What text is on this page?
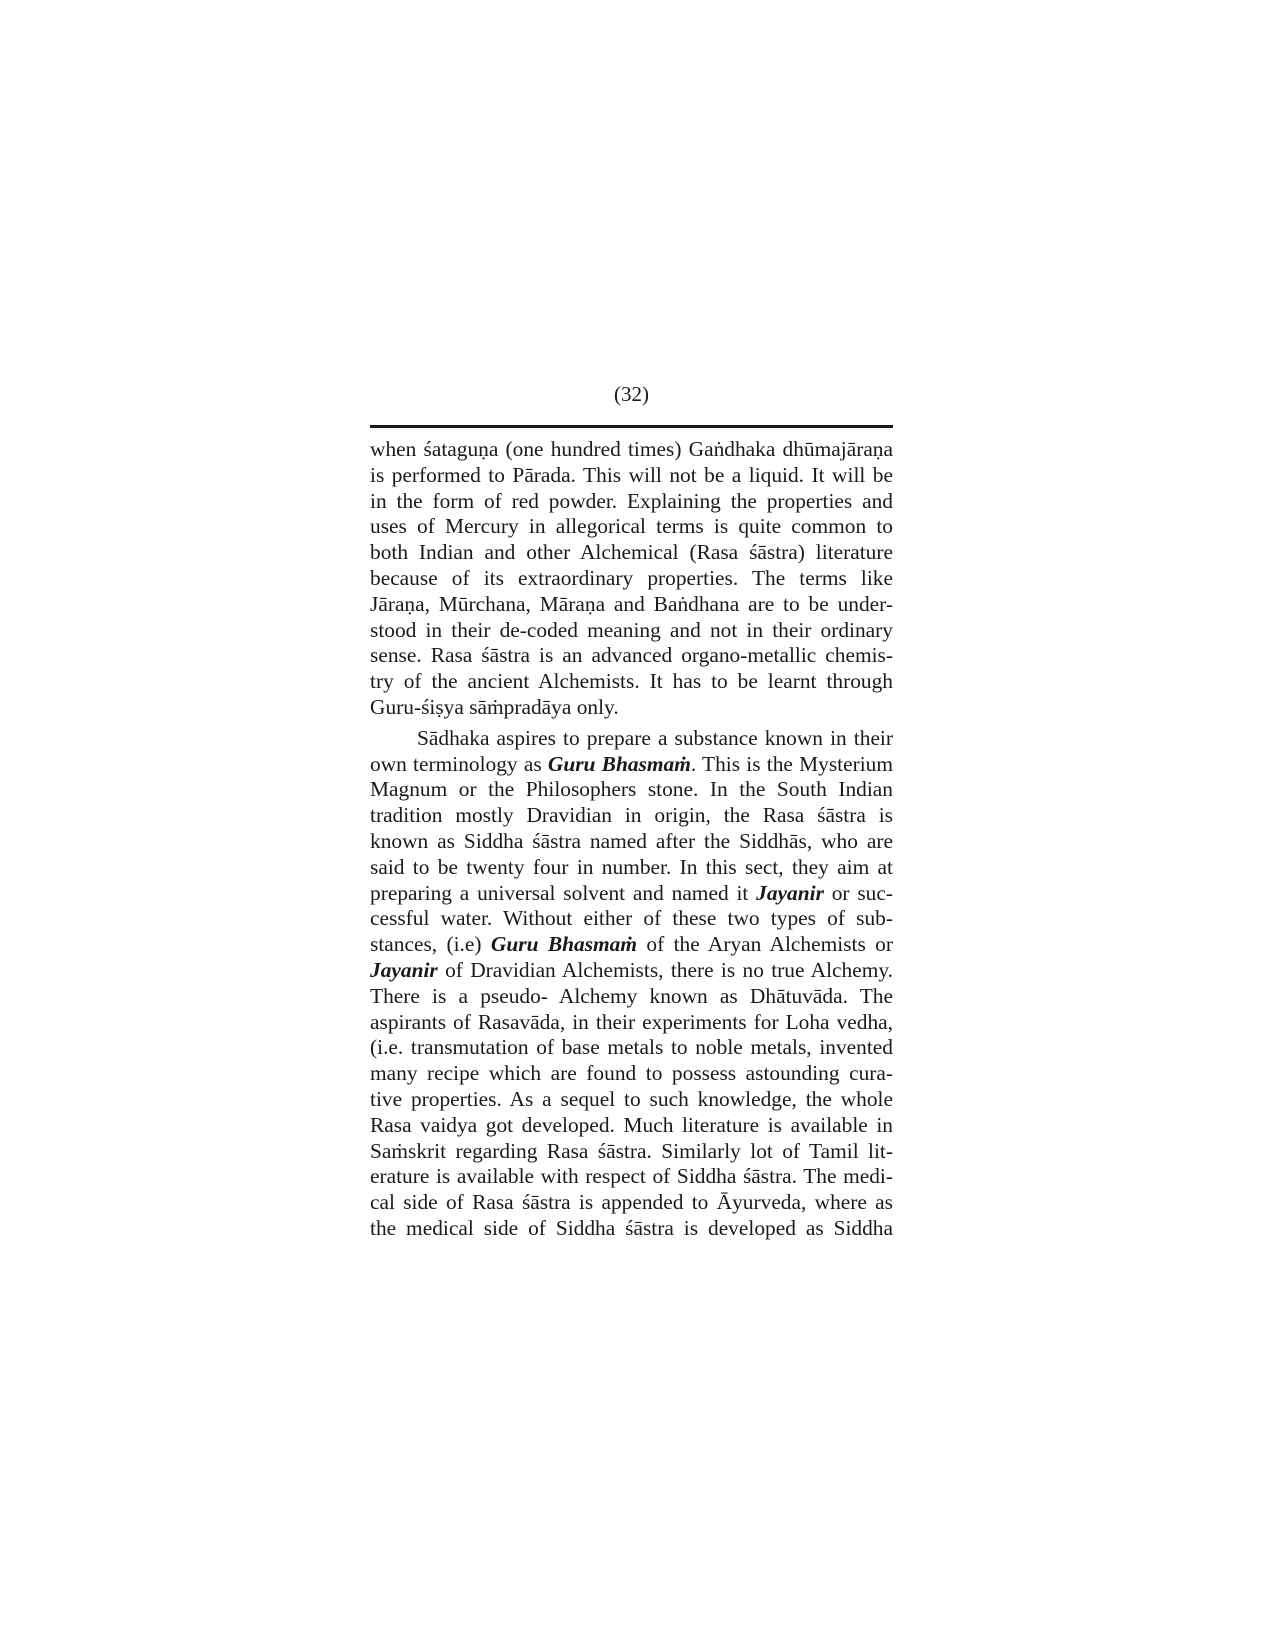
(32)
when śataguṇa (one hundred times) Gaṅdhaka dhūmajāraṇa
is performed to Pārada. This will not be a liquid. It will be
in the form of red powder. Explaining the properties and
uses of Mercury in allegorical terms is quite common to
both Indian and other Alchemical (Rasa śāstra) literature
because of its extraordinary properties. The terms like
Jāraṇa, Mūrchana, Māraṇa and Baṅdhana are to be under-
stood in their de-coded meaning and not in their ordinary
sense. Rasa śāstra is an advanced organo-metallic chemis-
try of the ancient Alchemists. It has to be learnt through
Guru-śiṣya sāṁpradāya only.
Sādhaka aspires to prepare a substance known in their
own terminology as Guru Bhasmaṁ. This is the Mysterium
Magnum or the Philosophers stone. In the South Indian
tradition mostly Dravidian in origin, the Rasa śāstra is
known as Siddha śāstra named after the Siddhās, who are
said to be twenty four in number. In this sect, they aim at
preparing a universal solvent and named it Jayanir or suc-
cessful water. Without either of these two types of sub-
stances, (i.e) Guru Bhasmaṁ of the Aryan Alchemists or
Jayanir of Dravidian Alchemists, there is no true Alchemy.
There is a pseudo- Alchemy known as Dhātuvāda. The
aspirants of Rasavāda, in their experiments for Loha vedha,
(i.e. transmutation of base metals to noble metals, invented
many recipe which are found to possess astounding cura-
tive properties. As a sequel to such knowledge, the whole
Rasa vaidya got developed. Much literature is available in
Saṁskrit regarding Rasa śāstra. Similarly lot of Tamil lit-
erature is available with respect of Siddha śāstra. The medi-
cal side of Rasa śāstra is appended to Āyurveda, where as
the medical side of Siddha śāstra is developed as Siddha
